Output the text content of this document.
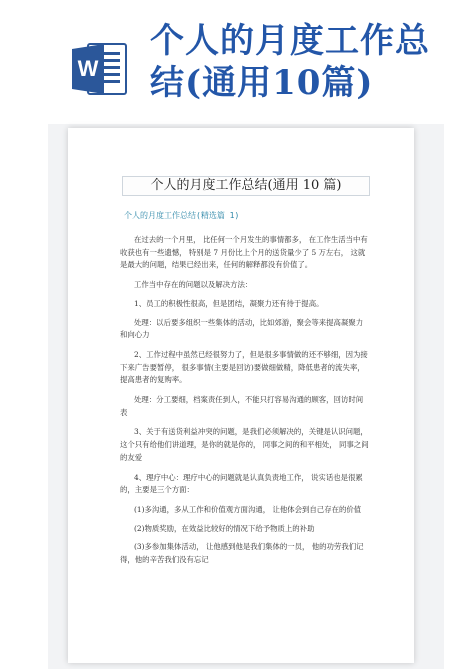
W
个人的月度工作总结(通用10篇)
个人的月度工作总结(通用 10 篇)
个人的月度工作总结(精选篇 1)

在过去的一个月里， 比任何一个月发生的事情都多， 在工作生活当中有收获也有一些遗憾， 特别是 7 月份比上个月的送货量少了 5 万左右， 这就是最大的问题，结果已经出来，任何的解释都没有价值了。

工作当中存在的问题以及解决方法：

1、员工的积极性很高，但是团结，凝聚力还有待于提高。

处理：以后要多组织一些集体的活动，比如郊游，聚会等来提高凝聚力和向心力

2、工作过程中虽然已经很努力了，但是很多事情做的还不够细，因为接下来广告要暂停， 很多事情(主要是回访)要做细做精，降低患者的流失率，提高患者的复购率。

处理：分工要细，档案责任到人，不能只打容易沟通的顾客，回访时间表

3、关于有送货利益冲突的问题，是我们必须解决的，关键是认识问题，这个只有给他们讲道理，是你的就是你的， 同事之间的和平相处， 同事之间的友爱

4、理疗中心：理疗中心的问题就是认真负责地工作， 说实话也是很累的，主要是三个方面：

(1)多沟通，多从工作和价值观方面沟通， 让他体会到自己存在的价值

(2)物质奖励，在效益比较好的情况下给予物质上的补助

(3)多参加集体活动， 让他感到他是我们集体的一员， 他的功劳我们记得，他的辛苦我们没有忘记
